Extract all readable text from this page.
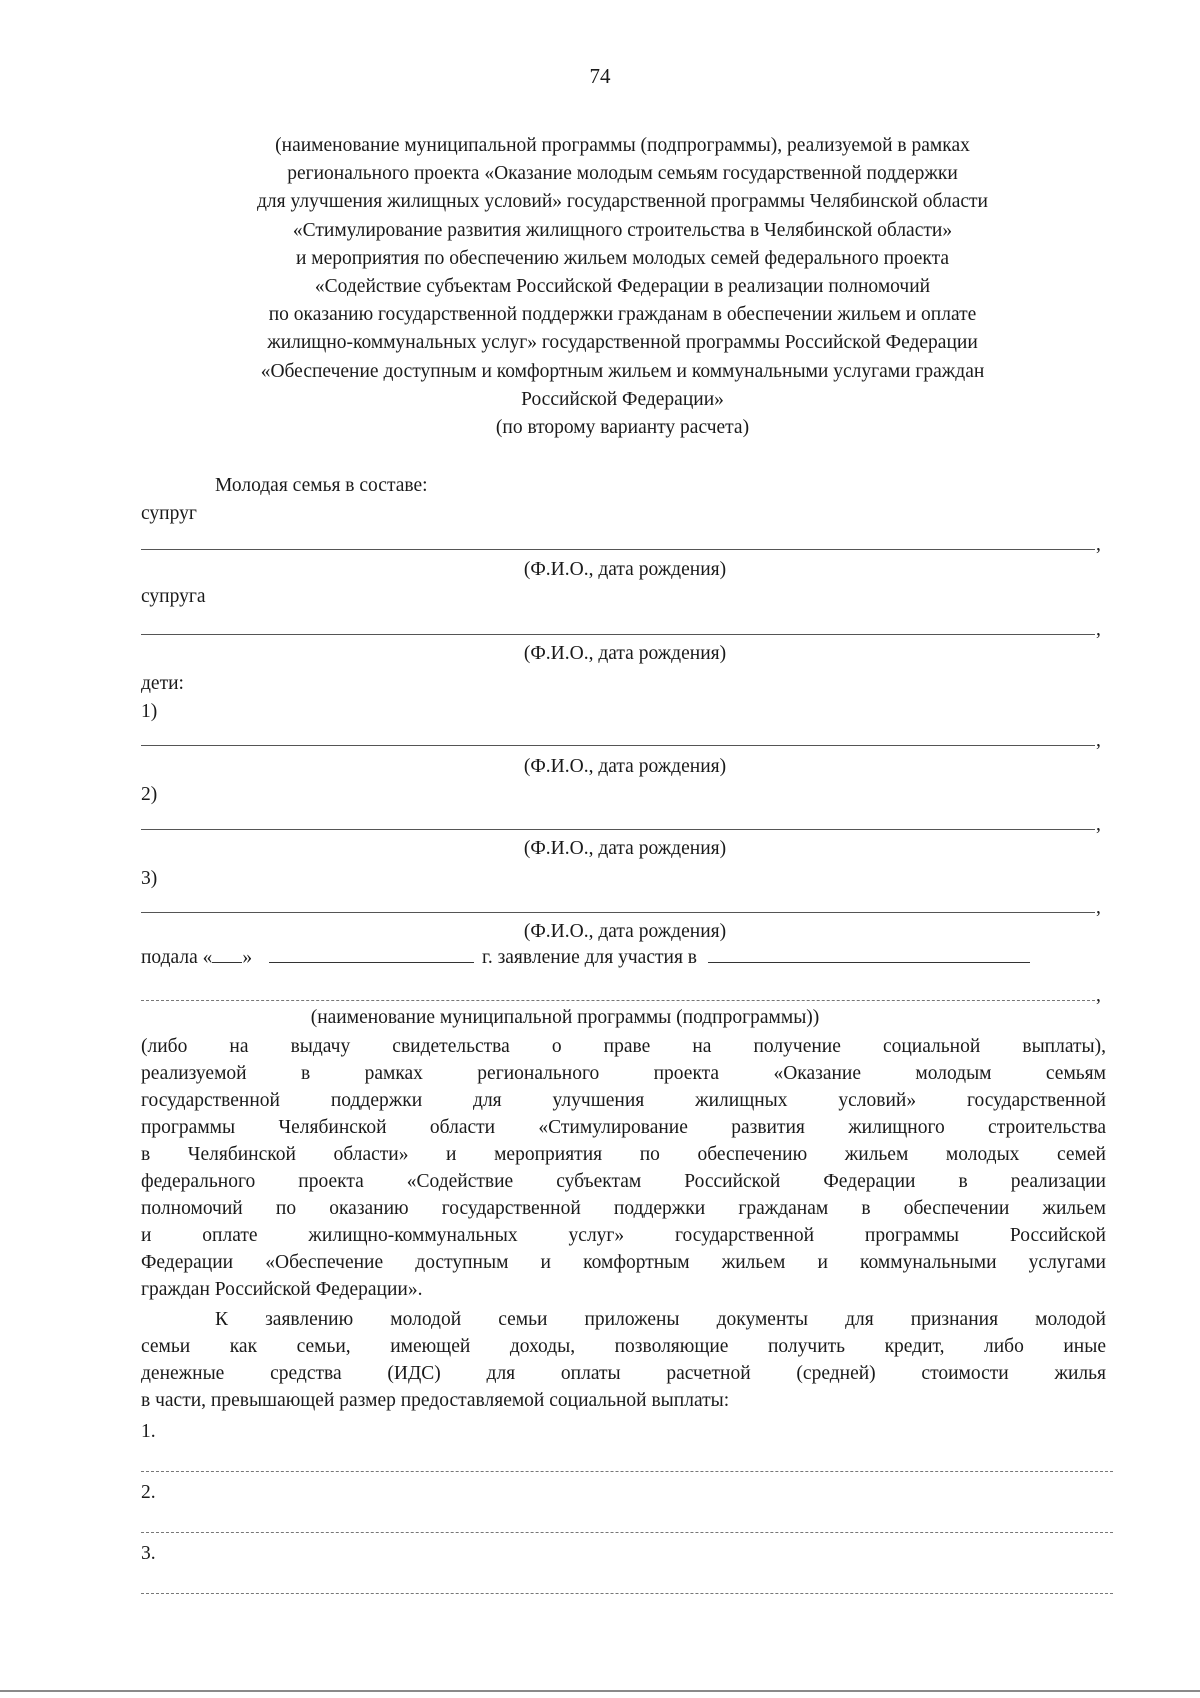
74
(наименование муниципальной программы (подпрограммы), реализуемой в рамках
регионального проекта «Оказание молодым семьям государственной поддержки
для улучшения жилищных условий» государственной программы Челябинской области
«Стимулирование развития жилищного строительства в Челябинской области»
и мероприятия по обеспечению жильем молодых семей федерального проекта
«Содействие субъектам Российской Федерации в реализации полномочий
по оказанию государственной поддержки гражданам в обеспечении жильем и оплате
жилищно-коммунальных услуг» государственной программы Российской Федерации
«Обеспечение доступным и комфортным жильем и коммунальными услугами граждан
Российской Федерации»
(по второму варианту расчета)
Молодая семья в составе:
супруг
,
(Ф.И.О., дата рождения)
супруга
,
(Ф.И.О., дата рождения)
дети:
1)
,
(Ф.И.О., дата рождения)
2)
,
(Ф.И.О., дата рождения)
3)
,
(Ф.И.О., дата рождения)
подала « »	г. заявление для участия в
,
(наименование муниципальной программы (подпрограммы))
(либо на выдачу свидетельства о праве на получение социальной выплаты),
реализуемой в рамках регионального проекта «Оказание молодым семьям
государственной поддержки для улучшения жилищных условий» государственной
программы Челябинской области «Стимулирование развития жилищного строительства
в Челябинской области» и мероприятия по обеспечению жильем молодых семей
федерального проекта «Содействие субъектам Российской Федерации в реализации
полномочий по оказанию государственной поддержки гражданам в обеспечении жильем
и оплате жилищно-коммунальных услуг» государственной программы Российской
Федерации «Обеспечение доступным и комфортным жильем и коммунальными услугами
граждан Российской Федерации».
К заявлению молодой семьи приложены документы для признания молодой
семьи как семьи, имеющей доходы, позволяющие получить кредит, либо иные
денежные средства (ИДС) для оплаты расчетной (средней) стоимости жилья
в части, превышающей размер предоставляемой социальной выплаты:
1.
2.
3.
